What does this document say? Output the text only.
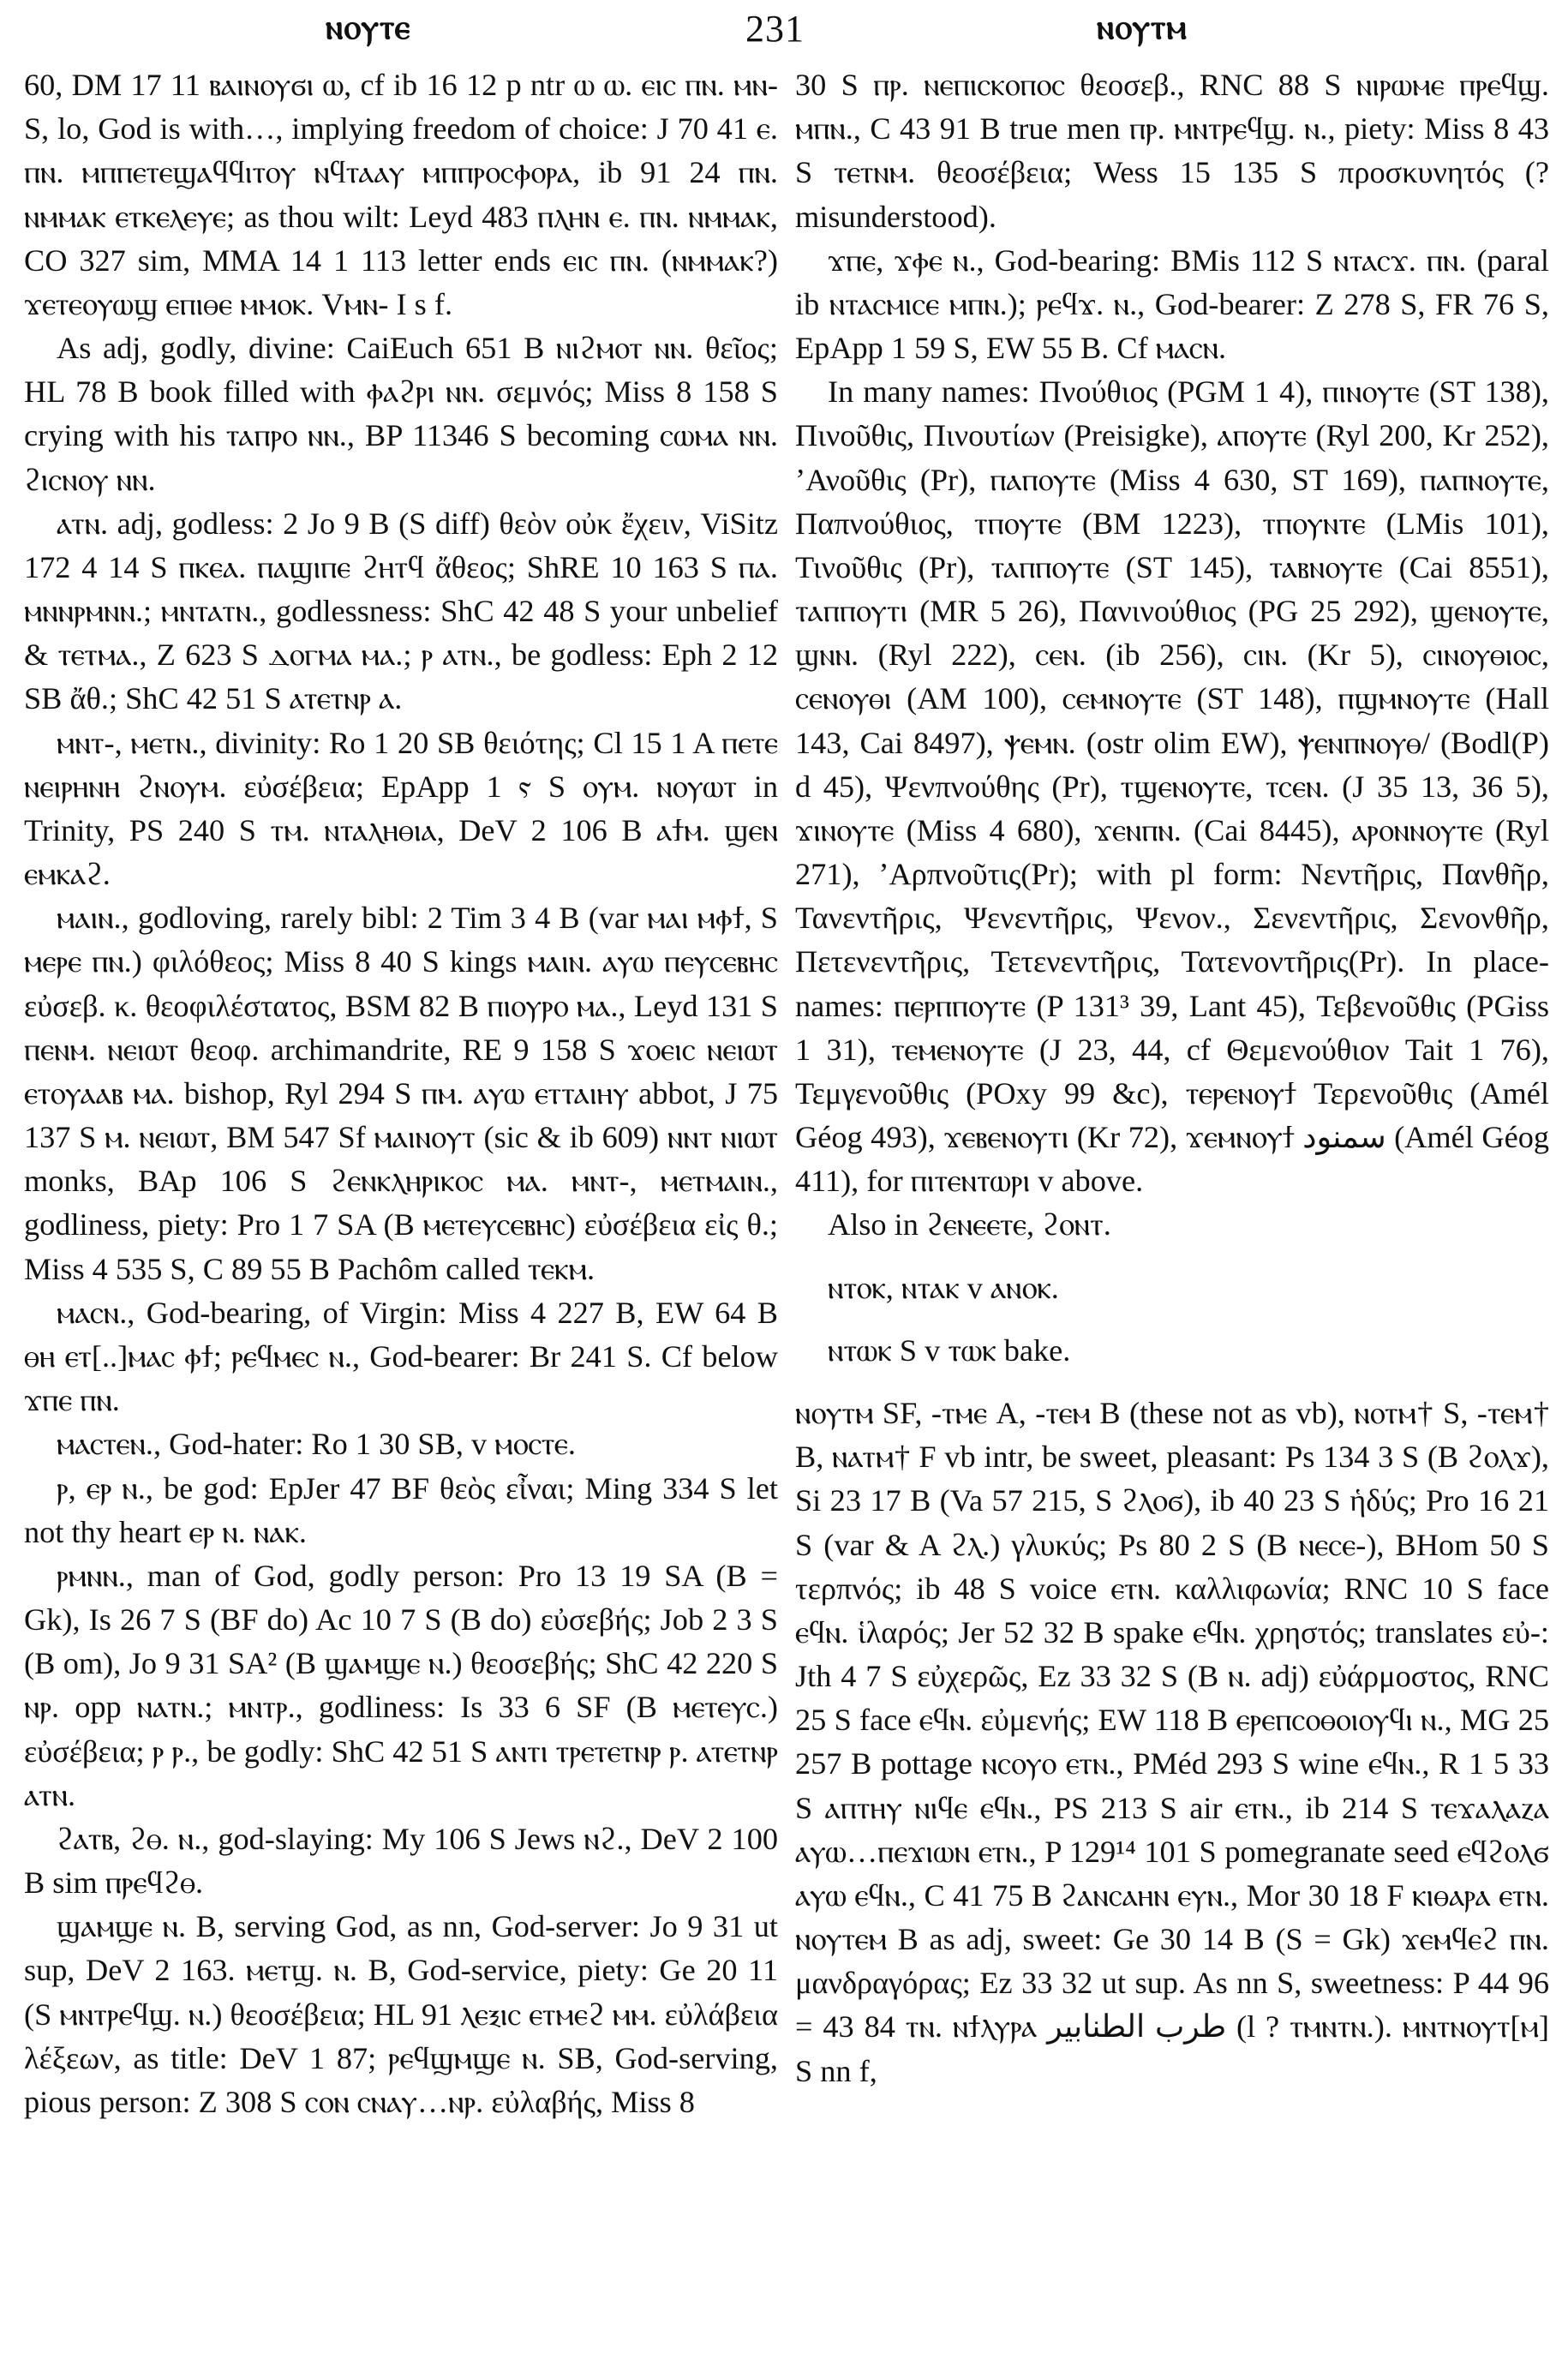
ⲛⲟⲩⲧⲉ	231	ⲛⲟⲩⲧⲙ

60, DM 17 11 ⲃⲁⲓⲛⲟⲩϭⲓ ⲱ, cf ib 16 12 p ntr ⲱ ⲱ. ⲉⲓⲥ ⲡⲛ. ⲙⲛ- S, lo, God is with…, implying freedom of choice: J 70 41 ⲉ. ⲡⲛ. ⲙⲡⲡⲉⲧⲉϣⲁϥϥⲓⲧⲟⲩ ⲛϥⲧⲁⲁⲩ ⲙⲡⲡⲣⲟⲥⲫⲟⲣⲁ, ib 91 24 ⲡⲛ. ⲛⲙⲙⲁⲕ ⲉⲧⲕⲉⲗⲉⲩⲉ; as thou wilt: Leyd 483 ⲡⲗⲏⲛ ⲉ. ⲡⲛ. ⲛⲙⲙⲁⲕ, CO 327 sim, MMA 14 1 113 letter ends ⲉⲓⲥ ⲡⲛ. (ⲛⲙⲙⲁⲕ?) ϫⲉⲧⲉⲟⲩⲱϣ ⲉⲡⲓⲑⲉ ⲙⲙⲟⲕ. Vⲙⲛ- I s f.

As adj, godly, divine: CaiEuch 651 B ⲛⲓϩⲙⲟⲧ ⲛⲛ. θεῖος; HL 78 B book filled with ⲫⲁϩⲣⲓ ⲛⲛ. σεμνός; Miss 8 158 S crying with his ⲧⲁⲡⲣⲟ ⲛⲛ., BP 11346 S becoming ⲥⲱⲙⲁ ⲛⲛ. ϩⲓⲥⲛⲟⲩ ⲛⲛ.

ⲁⲧⲛ. adj, godless: 2 Jo 9 B (S diff) θεὸν οὐκ ἔχειν, ViSitz 172 4 14 S ⲡⲕⲉⲁ. ⲡⲁϣⲓⲡⲉ ϩⲏⲧϥ ἄθεος; ShRE 10 163 S ⲡⲁ. ⲙⲛⲛⲣⲙⲛⲛ.; ⲙⲛⲧⲁⲧⲛ., godlessness: ShC 42 48 S your unbelief & ⲧⲉⲧⲙⲁ., Z 623 S ⲇⲟⲅⲙⲁ ⲙⲁ.; ⲣ ⲁⲧⲛ., be godless: Eph 2 12 SB ἄθ.; ShC 42 51 S ⲁⲧⲉⲧⲛⲣ ⲁ.

ⲙⲛⲧ-, ⲙⲉⲧⲛ., divinity: Ro 1 20 SB θειότης; Cl 15 1 A ⲡⲉⲧⲉ ⲛⲉⲓⲣⲏⲛⲏ ϩⲛⲟⲩⲙ. εὐσέβεια; EpApp 1 ⲋ S ⲟⲩⲙ. ⲛⲟⲩⲱⲧ in Trinity, PS 240 S ⲧⲙ. ⲛⲧⲁⲗⲏⲑⲓⲁ, DeV 2 106 B ⲁϯⲙ. ϣⲉⲛ ⲉⲙⲕⲁϩ.

ⲙⲁⲓⲛ., godloving, rarely bibl: 2 Tim 3 4 B (var ⲙⲁⲓ ⲙⲫϯ, S ⲙⲉⲣⲉ ⲡⲛ.) φιλόθεος; Miss 8 40 S kings ⲙⲁⲓⲛ. ⲁⲩⲱ ⲡⲉⲩⲥⲉⲃⲏⲥ εὐσεβ. κ. θεοφιλέστατος, BSM 82 B ⲡⲓⲟⲩⲣⲟ ⲙⲁ., Leyd 131 S ⲡⲉⲛⲙ. ⲛⲉⲓⲱⲧ θεοφ. archimandrite, RE 9 158 S ϫⲟⲉⲓⲥ ⲛⲉⲓⲱⲧ ⲉⲧⲟⲩⲁⲁⲃ ⲙⲁ. bishop, Ryl 294 S ⲡⲙ. ⲁⲩⲱ ⲉⲧⲧⲁⲓⲏⲩ abbot, J 75 137 S ⲙ. ⲛⲉⲓⲱⲧ, BM 547 Sf ⲙⲁⲓⲛⲟⲩⲧ (sic & ib 609) ⲛⲛⲧ ⲛⲓⲱⲧ monks, BAp 106 S ϩⲉⲛⲕⲗⲏⲣⲓⲕⲟⲥ ⲙⲁ. ⲙⲛⲧ-, ⲙⲉⲧⲙⲁⲓⲛ., godliness, piety: Pro 1 7 SA (B ⲙⲉⲧⲉⲩⲥⲉⲃⲏⲥ) εὐσέβεια εἰς θ.; Miss 4 535 S, C 89 55 B Pachôm called ⲧⲉⲕⲙ.

ⲙⲁⲥⲛ., God-bearing, of Virgin: Miss 4 227 B, EW 64 B ⲑⲏ ⲉⲧ[..]ⲙⲁⲥ ⲫϯ; ⲣⲉϥⲙⲉⲥ ⲛ., God-bearer: Br 241 S. Cf below ϫⲡⲉ ⲡⲛ.

ⲙⲁⲥⲧⲉⲛ., God-hater: Ro 1 30 SB, v ⲙⲟⲥⲧⲉ.

ⲣ, ⲉⲣ ⲛ., be god: EpJer 47 BF θεὸς εἶναι; Ming 334 S let not thy heart ⲉⲣ ⲛ. ⲛⲁⲕ.

ⲣⲙⲛⲛ., man of God, godly person: Pro 13 19 SA (B = Gk), Is 26 7 S (BF do) Ac 10 7 S (B do) εὐσεβής; Job 2 3 S (B om), Jo 9 31 SA² (B ϣⲁⲙϣⲉ ⲛ.) θεοσεβής; ShC 42 220 S ⲛⲣ. opp ⲛⲁⲧⲛ.; ⲙⲛⲧⲣ., godliness: Is 33 6 SF (B ⲙⲉⲧⲉⲩⲥ.) εὐσέβεια; ⲣ ⲣ., be godly: ShC 42 51 S ⲁⲛⲧⲓ ⲧⲣⲉⲧⲉⲧⲛⲣ ⲣ. ⲁⲧⲉⲧⲛⲣ ⲁⲧⲛ.

ϩⲁⲧⲃ, ϩⲑ. ⲛ., god-slaying: My 106 S Jews ⲛϩ., DeV 2 100 B sim ⲡⲣⲉϥϩⲑ.

ϣⲁⲙϣⲉ ⲛ. B, serving God, as nn, God-server: Jo 9 31 ut sup, DeV 2 163. ⲙⲉⲧϣ. ⲛ. B, God-service, piety: Ge 20 11 (S ⲙⲛⲧⲣⲉϥϣ. ⲛ.) θεοσέβεια; HL 91 ⲗⲉⲝⲓⲥ ⲉⲧⲙⲉϩ ⲙⲙ. εὐλάβεια λέξεων, as title: DeV 1 87; ⲣⲉϥϣⲙϣⲉ ⲛ. SB, God-serving, pious person: Z 308 S ⲥⲟⲛ ⲥⲛⲁⲩ…ⲛⲣ. εὐλαβής, Miss 8

30 S ⲡⲣ. ⲛⲉⲡⲓⲥⲕⲟⲡⲟⲥ θεοσεβ., RNC 88 S ⲛⲓⲣⲱⲙⲉ ⲡⲣⲉϥϣ. ⲙⲡⲛ., C 43 91 B true men ⲡⲣ. ⲙⲛⲧⲣⲉϥϣ. ⲛ., piety: Miss 8 43 S ⲧⲉⲧⲛⲙ. θεοσέβεια; Wess 15 135 S προσκυνητός (? misunderstood).

ϫⲡⲉ, ϫⲫⲉ ⲛ., God-bearing: BMis 112 S ⲛⲧⲁⲥϫ. ⲡⲛ. (paral ib ⲛⲧⲁⲥⲙⲓⲥⲉ ⲙⲡⲛ.); ⲣⲉϥϫ. ⲛ., God-bearer: Z 278 S, FR 76 S, EpApp 1 59 S, EW 55 B. Cf ⲙⲁⲥⲛ.

In many names: Πνούθιος (PGM 1 4), ⲡⲓⲛⲟⲩⲧⲉ (ST 138), Πινοῦθις, Πινουτίων (Preisigke), ⲁⲡⲟⲩⲧⲉ (Ryl 200, Kr 252), ʼΑνοῦθις (Pr), ⲡⲁⲡⲟⲩⲧⲉ (Miss 4 630, ST 169), ⲡⲁⲡⲛⲟⲩⲧⲉ, Παπνούθιος, ⲧⲡⲟⲩⲧⲉ (BM 1223), ⲧⲡⲟⲩⲛⲧⲉ (LMis 101), Τινοῦθις (Pr), ⲧⲁⲡⲡⲟⲩⲧⲉ (ST 145), ⲧⲁⲃⲛⲟⲩⲧⲉ (Cai 8551), ⲧⲁⲡⲡⲟⲩⲧⲓ (MR 5 26), Πανινούθιος (PG 25 292), ϣⲉⲛⲟⲩⲧⲉ, ϣⲛⲛ. (Ryl 222), ⲥⲉⲛ. (ib 256), ⲥⲓⲛ. (Kr 5), ⲥⲓⲛⲟⲩⲑⲓⲟⲥ, ⲥⲉⲛⲟⲩⲑⲓ (AM 100), ⲥⲉⲙⲛⲟⲩⲧⲉ (ST 148), ⲡϣⲙⲛⲟⲩⲧⲉ (Hall 143, Cai 8497), ⲯⲉⲙⲛ. (ostr olim EW), ⲯⲉⲛⲡⲛⲟⲩⲑ/ (Bodl(P) d 45), Ψενπνούθης (Pr), ⲧϣⲉⲛⲟⲩⲧⲉ, ⲧⲥⲉⲛ. (J 35 13, 36 5), ϫⲓⲛⲟⲩⲧⲉ (Miss 4 680), ϫⲉⲛⲡⲛ. (Cai 8445), ⲁⲣⲟⲛⲛⲟⲩⲧⲉ (Ryl 271), ʼΑρπνοῦτις(Pr); with pl form: Νεντῆρις, Πανθῆρ, Τανεντῆρις, Ψενεντῆρις, Ψενον., Σενεντῆρις, Σενονθῆρ, Πετενεντῆρις, Τετενεντῆρις, Τατενοντῆρις(Pr). In place-names: ⲡⲉⲣⲡⲡⲟⲩⲧⲉ (P 131³ 39, Lant 45), Τεβενοῦθις (PGiss 1 31), ⲧⲉⲙⲉⲛⲟⲩⲧⲉ (J 23, 44, cf Θεμενούθιον Tait 1 76), Τεμγενοῦθις (POxy 99 &c), ⲧⲉⲣⲉⲛⲟⲩϯ Τερενοῦθις (Amél Géog 493), ϫⲉⲃⲉⲛⲟⲩⲧⲓ (Kr 72), ϫⲉⲙⲛⲟⲩϯ سمنود (Amél Géog 411), for ⲡⲓⲧⲉⲛⲧⲱⲣⲓ v above.

Also in ϩⲉⲛⲉⲉⲧⲉ, ϩⲟⲛⲧ.

ⲛⲧⲟⲕ, ⲛⲧⲁⲕ v ⲁⲛⲟⲕ.

ⲛⲧⲱⲕ S v ⲧⲱⲕ bake.

ⲛⲟⲩⲧⲙ SF, -ⲧⲙⲉ A, -ⲧⲉⲙ B (these not as vb), ⲛⲟⲧⲙ† S, -ⲧⲉⲙ† B, ⲛⲁⲧⲙ† F vb intr, be sweet, pleasant: Ps 134 3 S (B ϩⲟⲗϫ), Si 23 17 B (Va 57 215, S ϩⲗⲟϭ), ib 40 23 S ἡδύς; Pro 16 21 S (var & A ϩⲗ.) γλυκύς; Ps 80 2 S (B ⲛⲉⲥⲉ-), BHom 50 S τερπνός; ib 48 S voice ⲉⲧⲛ. καλλιφωνία; RNC 10 S face ⲉϥⲛ. ἱλαρός; Jer 52 32 B spake ⲉϥⲛ. χρηστός; translates εὐ-: Jth 4 7 S εὐχερῶς, Ez 33 32 S (B ⲛ. adj) εὐάρμοστος, RNC 25 S face ⲉϥⲛ. εὐμενής; EW 118 B ⲉⲣⲉⲡⲥⲟⲑⲟⲓⲟⲩϥⲓ ⲛ., MG 25 257 B pottage ⲛⲥⲟⲩⲟ ⲉⲧⲛ., PMéd 293 S wine ⲉϥⲛ., R 1 5 33 S ⲁⲡⲧⲏⲩ ⲛⲓϥⲉ ⲉϥⲛ., PS 213 S air ⲉⲧⲛ., ib 214 S ⲧⲉϫⲁⲗⲁⲍⲁ ⲁⲩⲱ…ⲡⲉϫⲓⲱⲛ ⲉⲧⲛ., P 129¹⁴ 101 S pomegranate seed ⲉϥϩⲟⲗϭ ⲁⲩⲱ ⲉϥⲛ., C 41 75 B ϩⲁⲛⲥⲁⲏⲛ ⲉⲩⲛ., Mor 30 18 F ⲕⲓⲑⲁⲣⲁ ⲉⲧⲛ. ⲛⲟⲩⲧⲉⲙ B as adj, sweet: Ge 30 14 B (S = Gk) ϫⲉⲙϥⲉϩ ⲡⲛ. μανδραγόρας; Ez 33 32 ut sup. As nn S, sweetness: P 44 96 = 43 84 ⲧⲛ. ⲛϯⲗⲩⲣⲁ طرب الطنابير (l ? ⲧⲙⲛⲧⲛ.). ⲙⲛⲧⲛⲟⲩⲧ[ⲙ] S nn f,
